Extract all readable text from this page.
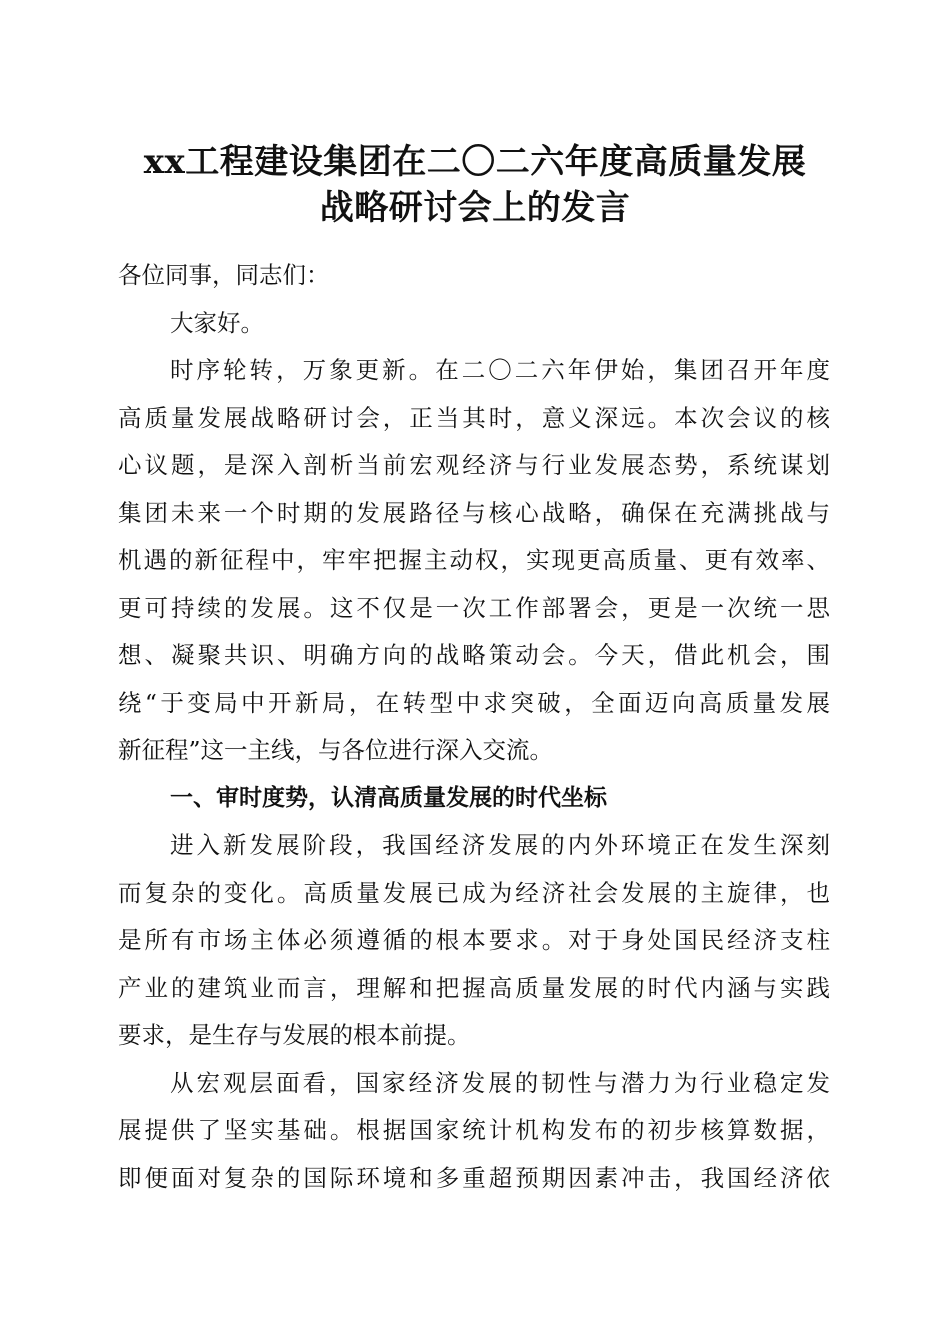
xx工程建设集团在二〇二六年度高质量发展
战略研讨会上的发言
各位同事，同志们：
大家好。
时序轮转，万象更新。在二〇二六年伊始，集团召开年度
高质量发展战略研讨会，正当其时，意义深远。本次会议的核
心议题，是深入剖析当前宏观经济与行业发展态势，系统谋划
集团未来一个时期的发展路径与核心战略，确保在充满挑战与
机遇的新征程中，牢牢把握主动权，实现更高质量、更有效率、
更可持续的发展。这不仅是一次工作部署会，更是一次统一思
想、凝聚共识、明确方向的战略策动会。今天，借此机会，围
绕“于变局中开新局，在转型中求突破，全面迈向高质量发展
新征程”这一主线，与各位进行深入交流。
一、审时度势，认清高质量发展的时代坐标
进入新发展阶段，我国经济发展的内外环境正在发生深刻
而复杂的变化。高质量发展已成为经济社会发展的主旋律，也
是所有市场主体必须遵循的根本要求。对于身处国民经济支柱
产业的建筑业而言，理解和把握高质量发展的时代内涵与实践
要求，是生存与发展的根本前提。
从宏观层面看，国家经济发展的韧性与潜力为行业稳定发
展提供了坚实基础。根据国家统计机构发布的初步核算数据，
即便面对复杂的国际环境和多重超预期因素冲击，我国经济依
